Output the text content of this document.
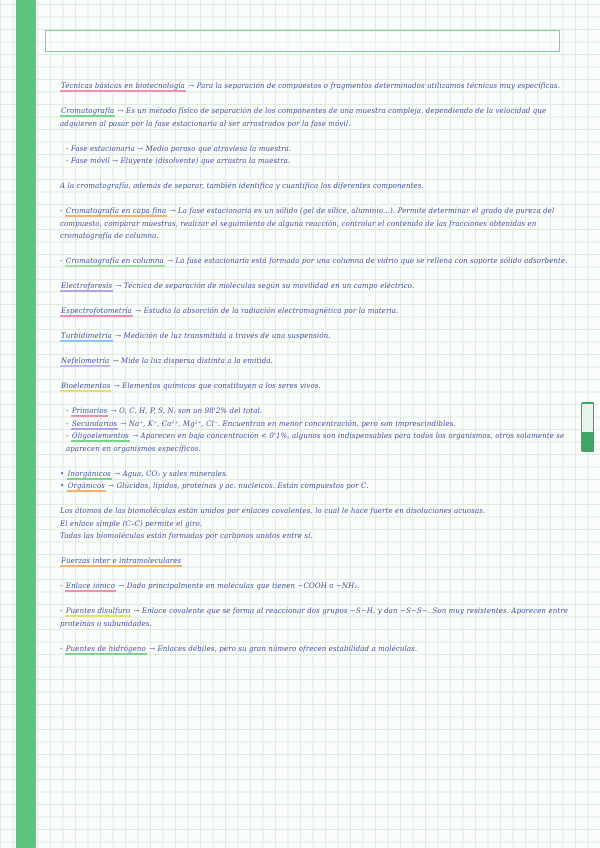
Técnicas básicas en biotecnología → Para la separación de compuestos o fragmentos determinados utilizamos técnicas muy específicas.

Cromatografía → Es un método físico de separación de los componentes de una muestra compleja, dependiendo de la velocidad que adquieren al pasar por la fase estacionaria al ser arrastrados por la fase móvil.

- Fase estacionaria → Medio poroso que atraviesa la muestra.

- Fase móvil → Eluyente (disolvente) que arrastra la muestra.

A la cromatografía, además de separar, también identifica y cuantifica los diferentes componentes.

- Cromatografía en capa fina → La fase estacionaria es un sólido (gel de sílice, aluminio...). Permite determinar el grado de pureza del compuesto, comparar muestras, realizar el seguimiento de alguna reacción, controlar el contenido de las fracciones obtenidas en cromatografía de columna.

- Cromatografía en columna → La fase estacionaria está formada por una columna de vidrio que se rellena con soporte sólido adsorbente.

Electroforesis → Técnica de separación de moléculas según su movilidad en un campo eléctrico.

Espectrofotometría → Estudia la absorción de la radiación electromagnética por la materia.

Turbidimetría → Medición de luz transmitida a través de una suspensión.

Nefelometría → Mide la luz dispersa distinta a la emitida.

Bioelementos → Elementos químicos que constituyen a los seres vivos.

- Primarios → O, C, H, P, S, N. son un 98'2% del total.

- Secundarios → Na⁺, K⁺, Ca²⁺, Mg²⁺, Cl⁻. Encuentran en menor concentración, pero son imprescindibles.

- Oligoelementos → Aparecen en baja concentración < 0'1%, algunos son indispensables para todos los organismos, otros solamente se aparecen en organismos específicos.

• Inorgánicos → Agua, CO₂ y sales minerales.

• Orgánicos → Glúcidos, lípidos, proteínas y ac. nucleicos. Están compuestos por C.

Los átomos de las biomoléculas están unidos por enlaces covalentes, lo cual le hace fuerte en disoluciones acuosas.

El enlace simple (C–C) permite el giro.

Todas las biomoléculas están formadas por carbonos unidos entre sí.

Fuerzas inter e intramoleculares

- Enlace iónico → Dado principalmente en moléculas que tienen −COOH o −NH₂.

- Puentes disulfuro → Enlace covalente que se forma al reaccionar dos grupos −S−H, y dan −S−S−. Son muy resistentes. Aparecen entre proteínas o subunidades.

- Puentes de hidrógeno → Enlaces débiles, pero su gran número ofrecen estabilidad a moléculas.
